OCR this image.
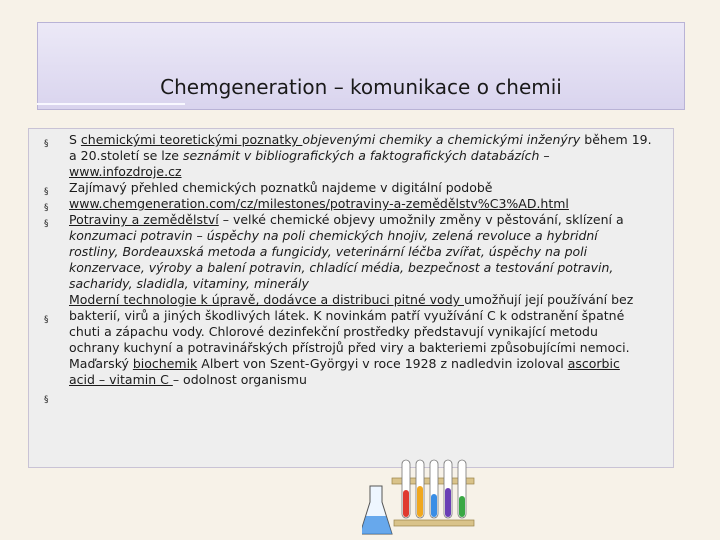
Chemgeneration – komunikace o chemii
§
§
§
§
§
§
S chemickými teoretickými poznatky objevenými chemiky a chemickými inženýry během 19.
a 20.století se lze seznámit v bibliografických a faktografických databázích –
www.infozdroje.cz
Zajímavý přehled chemických poznatků najdeme v digitální podobě
www.chemgeneration.com/cz/milestones/potraviny-a-zemědělstv%C3%AD.html
Potraviny a zemědělství – velké chemické objevy umožnily změny v pěstování, sklízení a
konzumaci potravin – úspěchy na poli chemických hnojiv, zelená revoluce a hybridní
rostliny, Bordeauxská metoda a fungicidy, veterinární léčba zvířat, úspěchy na poli
konzervace, výroby a balení potravin, chladící média, bezpečnost a testování potravin,
sacharidy, sladidla, vitaminy, minerály
Moderní technologie k úpravě, dodávce a distribuci pitné vody umožňují její používání bez
bakterií, virů a jiných škodlivých látek. K novinkám patří využívání C k odstranění špatné
chuti a zápachu vody. Chlorové dezinfekční prostředky představují vynikající metodu
ochrany kuchyní a potravinářských přístrojů před viry a bakteriemi způsobujícími nemoci.
Maďarský biochemik Albert von Szent-Györgyi v roce 1928 z nadledvin izoloval ascorbic
acid – vitamin C – odolnost organismu
